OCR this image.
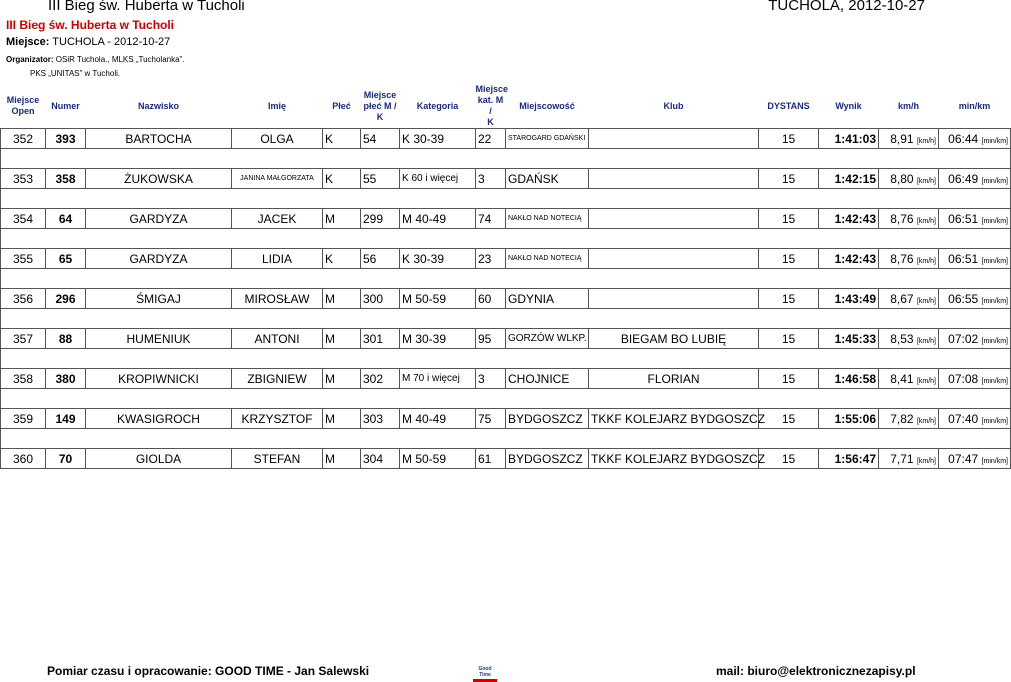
III Bieg św. Huberta w Tucholi	TUCHOLA, 2012-10-27
III Bieg św. Huberta w Tucholi
Miejsce: TUCHOLA - 2012-10-27
Organizator: OSiR Tuchola., MLKS „Tucholanka”.
PKS „UNITAS” w Tucholi.
Miejsce
Open	Numer	Nazwisko	Imię	Płeć	Miejsce
płeć M /
K	Kategoria	Miejsce
kat. M /
K	Miejscowość	Klub	DYSTANS	Wynik	km/h	min/km
352	393	BARTOCHA	OLGA	K	54	K 30-39	22	STAROGARD GDAŃSKI		15	1:41:03	8,91 [km/h]	06:44 [min/km]

353	358	ŻUKOWSKA	JANINA MAŁGORZATA	K	55	K 60 i więcej	3	GDAŃSK		15	1:42:15	8,80 [km/h]	06:49 [min/km]

354	64	GARDYZA	JACEK	M	299	M 40-49	74	NAKŁO NAD NOTECIĄ		15	1:42:43	8,76 [km/h]	06:51 [min/km]

355	65	GARDYZA	LIDIA	K	56	K 30-39	23	NAKŁO NAD NOTECIĄ		15	1:42:43	8,76 [km/h]	06:51 [min/km]

356	296	ŚMIGAJ	MIROSŁAW	M	300	M 50-59	60	GDYNIA		15	1:43:49	8,67 [km/h]	06:55 [min/km]

357	88	HUMENIUK	ANTONI	M	301	M 30-39	95	GORZÓW WLKP.	BIEGAM BO LUBIĘ	15	1:45:33	8,53 [km/h]	07:02 [min/km]

358	380	KROPIWNICKI	ZBIGNIEW	M	302	M 70 i więcej	3	CHOJNICE	FLORIAN	15	1:46:58	8,41 [km/h]	07:08 [min/km]

359	149	KWASIGROCH	KRZYSZTOF	M	303	M 40-49	75	BYDGOSZCZ	TKKF KOLEJARZ BYDGOSZCZ	15	1:55:06	7,82 [km/h]	07:40 [min/km]

360	70	GIOLDA	STEFAN	M	304	M 50-59	61	BYDGOSZCZ	TKKF KOLEJARZ BYDGOSZCZ	15	1:56:47	7,71 [km/h]	07:47 [min/km]
Pomiar czasu i opracowanie: GOOD TIME - Jan Salewski	Good Time	mail: biuro@elektronicznezapisy.pl
